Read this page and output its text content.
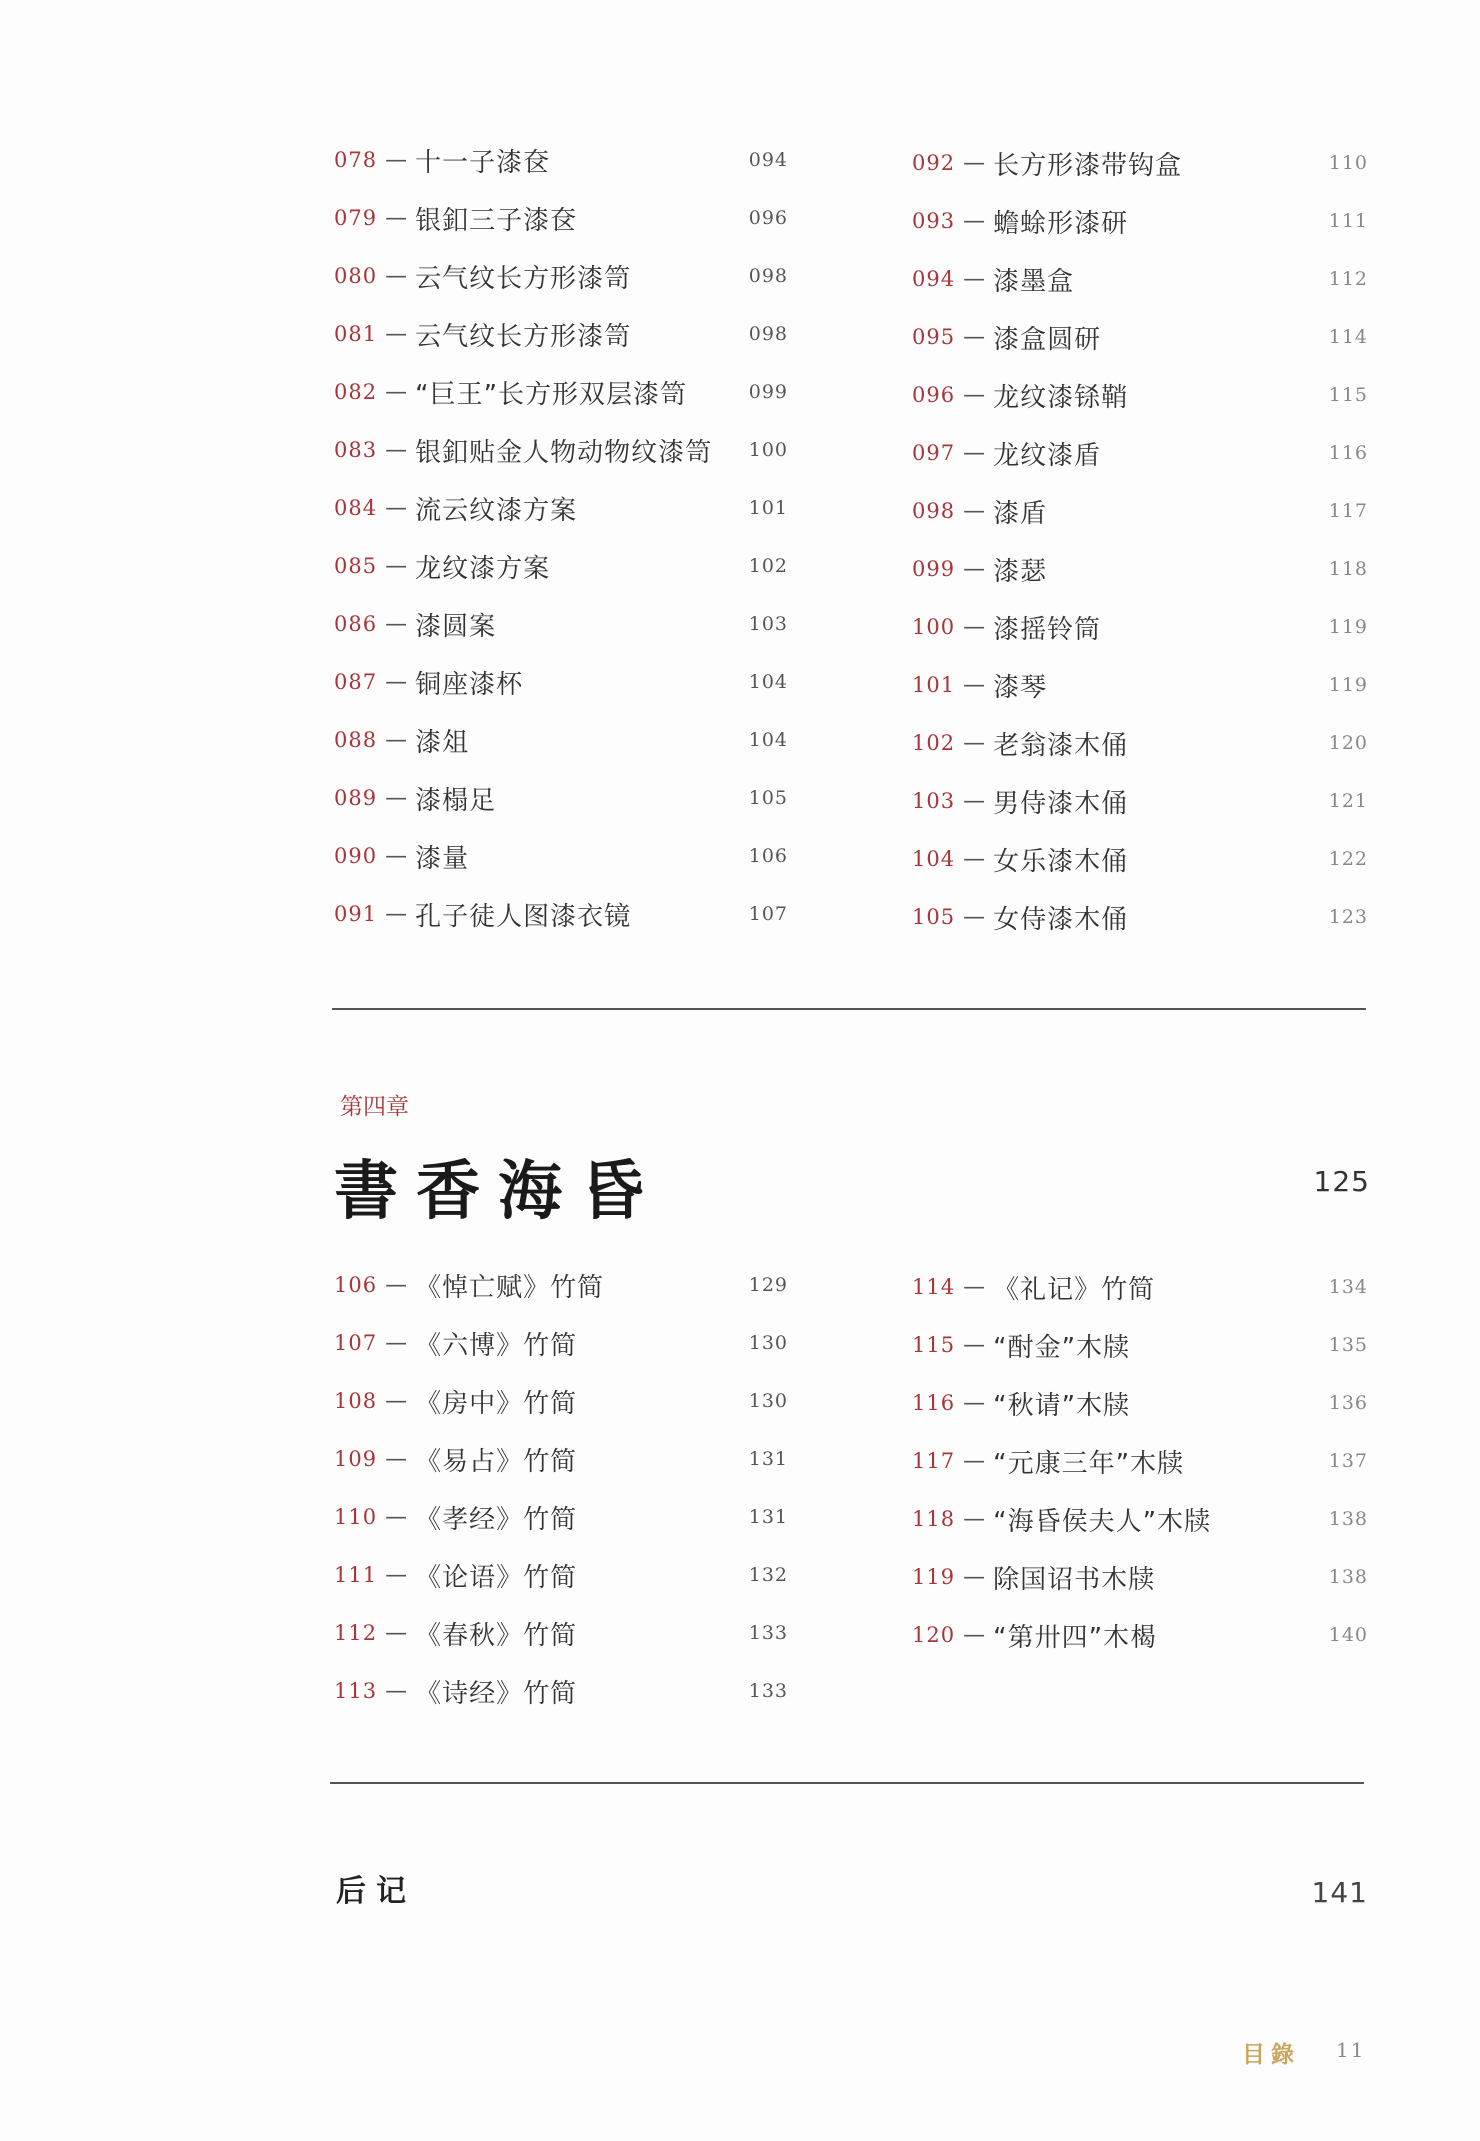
078 — 十一子漆奁	094
079 — 银釦三子漆奁	096
080 — 云气纹长方形漆笥	098
081 — 云气纹长方形漆笥	098
082 — “巨王”长方形双层漆笥	099
083 — 银釦贴金人物动物纹漆笥 100
084 — 流云纹漆方案	101
085 — 龙纹漆方案	102
086 — 漆圆案	103
087 — 铜座漆杯	104
088 — 漆俎	104
089 — 漆榻足	105
090 — 漆量	106
091 — 孔子徒人图漆衣镜	107
092 — 长方形漆带钩盒	110
093 — 蟾蜍形漆研	111
094 — 漆墨盒	112
095 — 漆盒圆研	114
096 — 龙纹漆铩鞘	115
097 — 龙纹漆盾	116
098 — 漆盾	117
099 — 漆瑟	118
100 — 漆摇铃筒	119
101 — 漆琴	119
102 — 老翁漆木俑	120
103 — 男侍漆木俑	121
104 — 女乐漆木俑	122
105 — 女侍漆木俑	123
第四章
書香海昏	125
106 — 《悼亡赋》竹简	129
107 — 《六博》竹简	130
108 — 《房中》竹简	130
109 — 《易占》竹简	131
110 — 《孝经》竹简	131
111 — 《论语》竹简	132
112 — 《春秋》竹简	133
113 — 《诗经》竹简	133
114 — 《礼记》竹简	134
115 — “酎金”木牍	135
116 — “秋请”木牍	136
117 — “元康三年”木牍	137
118 — “海昏侯夫人”木牍	138
119 — 除国诏书木牍	138
120 — “第卅四”木楬	140
后记	141
目錄 11
